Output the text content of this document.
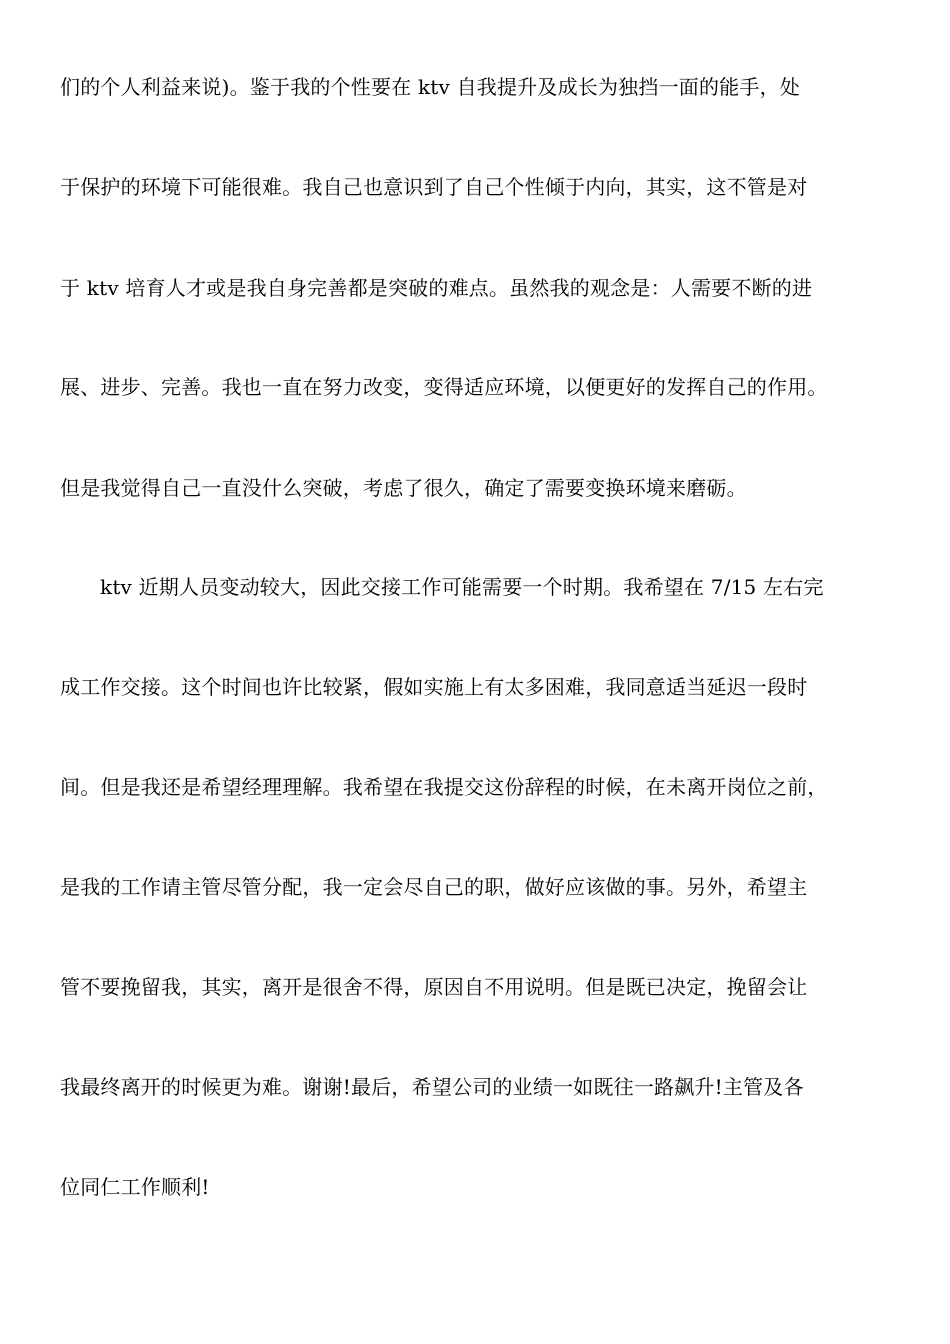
们的个人利益来说)。鉴于我的个性要在 ktv 自我提升及成长为独挡一面的能手，处
于保护的环境下可能很难。我自己也意识到了自己个性倾于内向，其实，这不管是对
于 ktv 培育人才或是我自身完善都是突破的难点。虽然我的观念是：人需要不断的进
展、进步、完善。我也一直在努力改变，变得适应环境，以便更好的发挥自己的作用。
但是我觉得自己一直没什么突破，考虑了很久，确定了需要变换环境来磨砺。
ktv 近期人员变动较大，因此交接工作可能需要一个时期。我希望在 7/15 左右完
成工作交接。这个时间也许比较紧，假如实施上有太多困难，我同意适当延迟一段时
间。但是我还是希望经理理解。我希望在我提交这份辞程的时候，在未离开岗位之前，
是我的工作请主管尽管分配，我一定会尽自己的职，做好应该做的事。另外，希望主
管不要挽留我，其实，离开是很舍不得，原因自不用说明。但是既已决定，挽留会让
我最终离开的时候更为难。谢谢!最后，希望公司的业绩一如既往一路飙升!主管及各
位同仁工作顺利!
